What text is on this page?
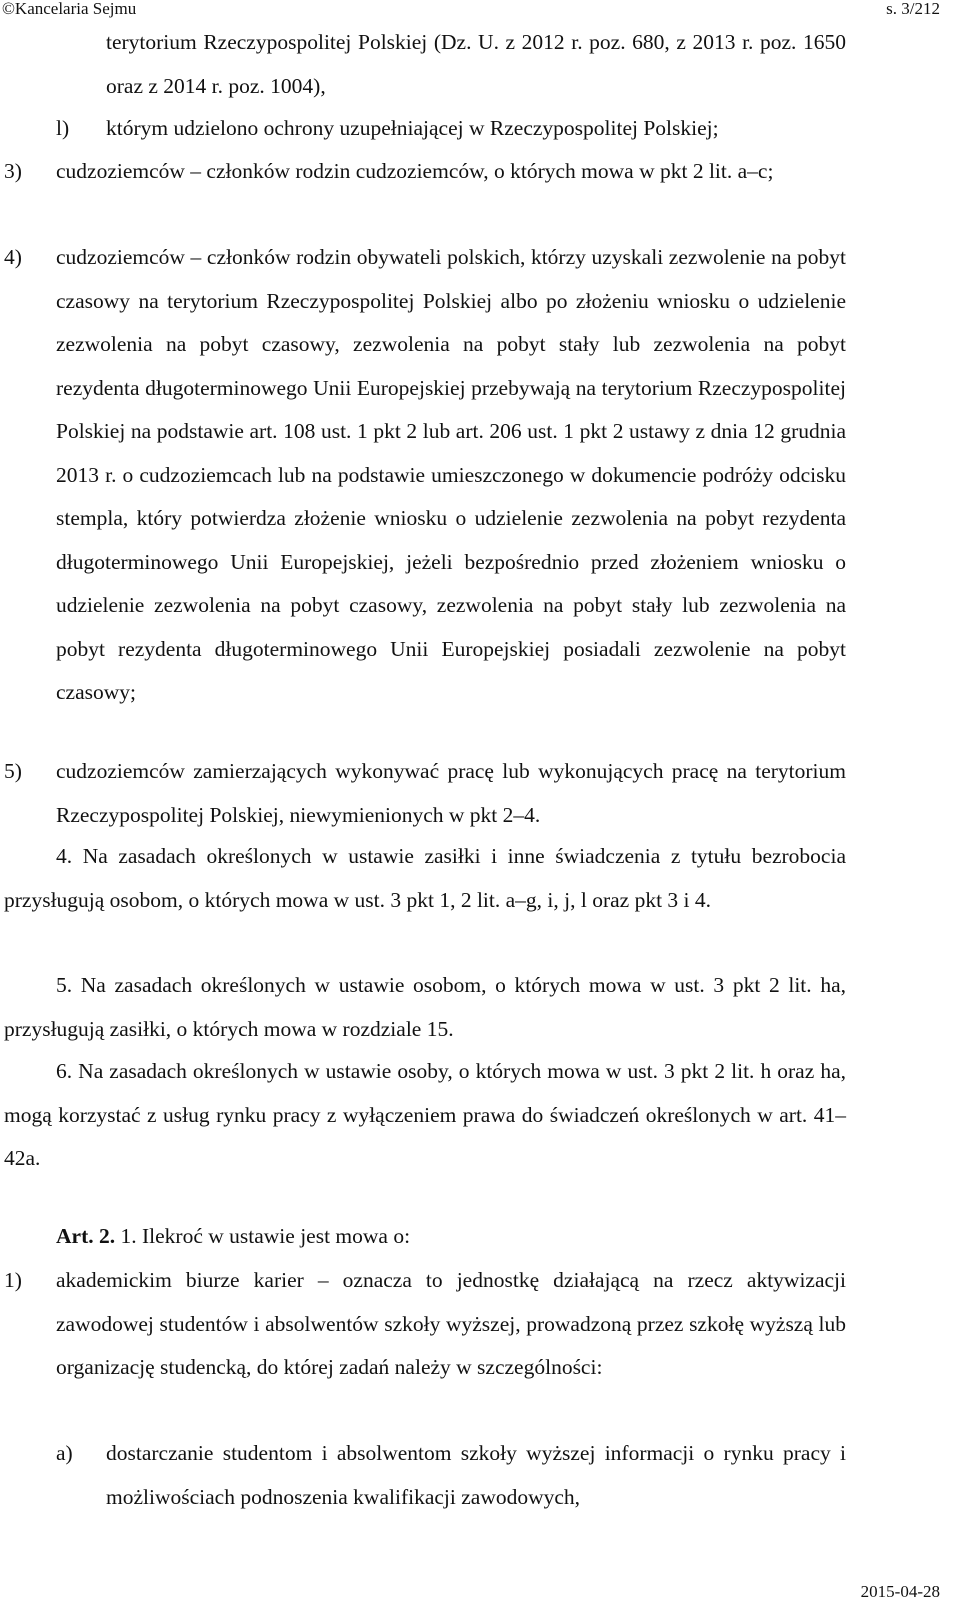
©Kancelaria Sejmu	s. 3/212
terytorium Rzeczypospolitej Polskiej (Dz. U. z 2012 r. poz. 680, z 2013 r. poz. 1650 oraz z 2014 r. poz. 1004),
l) którym udzielono ochrony uzupełniającej w Rzeczypospolitej Polskiej;
3) cudzoziemców – członków rodzin cudzoziemców, o których mowa w pkt 2 lit. a–c;
4) cudzoziemców – członków rodzin obywateli polskich, którzy uzyskali zezwolenie na pobyt czasowy na terytorium Rzeczypospolitej Polskiej albo po złożeniu wniosku o udzielenie zezwolenia na pobyt czasowy, zezwolenia na pobyt stały lub zezwolenia na pobyt rezydenta długoterminowego Unii Europejskiej przebywają na terytorium Rzeczypospolitej Polskiej na podstawie art. 108 ust. 1 pkt 2 lub art. 206 ust. 1 pkt 2 ustawy z dnia 12 grudnia 2013 r. o cudzoziemcach lub na podstawie umieszczonego w dokumencie podróży odcisku stempla, który potwierdza złożenie wniosku o udzielenie zezwolenia na pobyt rezydenta długoterminowego Unii Europejskiej, jeżeli bezpośrednio przed złożeniem wniosku o udzielenie zezwolenia na pobyt czasowy, zezwolenia na pobyt stały lub zezwolenia na pobyt rezydenta długoterminowego Unii Europejskiej posiadali zezwolenie na pobyt czasowy;
5) cudzoziemców zamierzających wykonywać pracę lub wykonujących pracę na terytorium Rzeczypospolitej Polskiej, niewymienionych w pkt 2–4.
4. Na zasadach określonych w ustawie zasiłki i inne świadczenia z tytułu bezrobocia przysługują osobom, o których mowa w ust. 3 pkt 1, 2 lit. a–g, i, j, l oraz pkt 3 i 4.
5. Na zasadach określonych w ustawie osobom, o których mowa w ust. 3 pkt 2 lit. ha, przysługują zasiłki, o których mowa w rozdziale 15.
6. Na zasadach określonych w ustawie osoby, o których mowa w ust. 3 pkt 2 lit. h oraz ha, mogą korzystać z usług rynku pracy z wyłączeniem prawa do świadczeń określonych w art. 41–42a.
Art. 2. 1. Ilekroć w ustawie jest mowa o:
1) akademickim biurze karier – oznacza to jednostkę działającą na rzecz aktywizacji zawodowej studentów i absolwentów szkoły wyższej, prowadzoną przez szkołę wyższą lub organizację studencką, do której zadań należy w szczególności:
a) dostarczanie studentom i absolwentom szkoły wyższej informacji o rynku pracy i możliwościach podnoszenia kwalifikacji zawodowych,
2015-04-28
